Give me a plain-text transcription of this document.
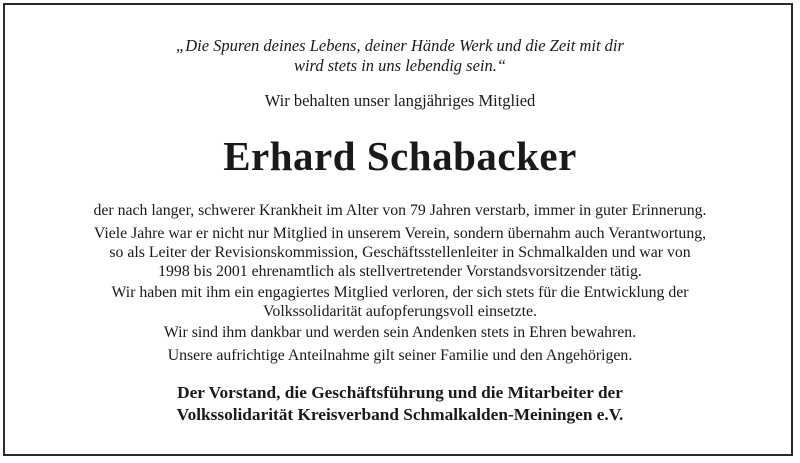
„Die Spuren deines Lebens, deiner Hände Werk und die Zeit mit dir
wird stets in uns lebendig sein.“
Wir behalten unser langjähriges Mitglied
Erhard Schabacker
der nach langer, schwerer Krankheit im Alter von 79 Jahren verstarb, immer in guter Erinnerung.
Viele Jahre war er nicht nur Mitglied in unserem Verein, sondern übernahm auch Verantwortung,
so als Leiter der Revisionskommission, Geschäftsstellenleiter in Schmalkalden und war von
1998 bis 2001 ehrenamtlich als stellvertretender Vorstandsvorsitzender tätig.
Wir haben mit ihm ein engagiertes Mitglied verloren, der sich stets für die Entwicklung der
Volkssolidarität aufopferungsvoll einsetzte.
Wir sind ihm dankbar und werden sein Andenken stets in Ehren bewahren.
Unsere aufrichtige Anteilnahme gilt seiner Familie und den Angehörigen.
Der Vorstand, die Geschäftsführung und die Mitarbeiter der
Volkssolidarität Kreisverband Schmalkalden-Meiningen e.V.
